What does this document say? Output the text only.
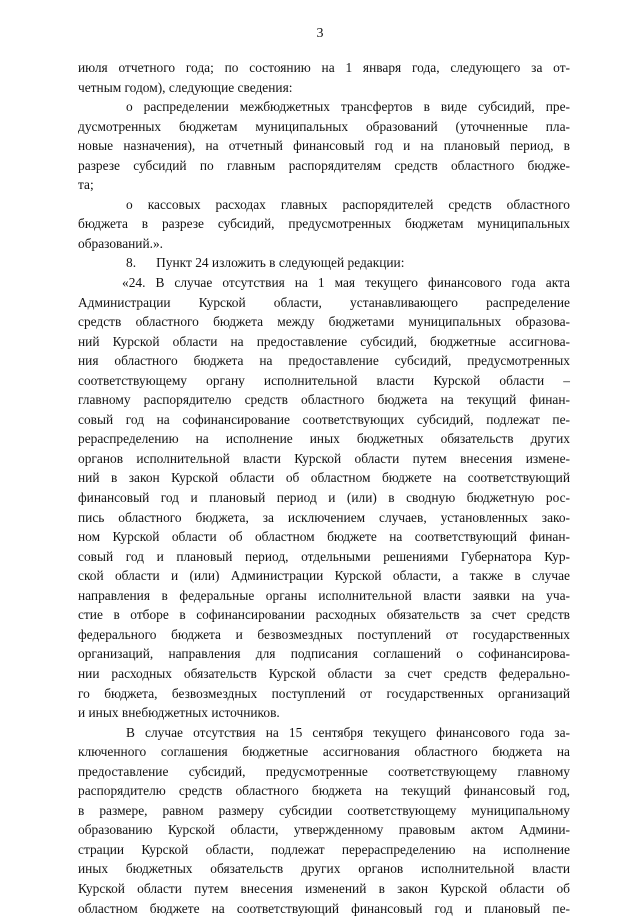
3
июля отчетного года; по состоянию на 1 января года, следующего за от-
четным годом), следующие сведения:
о распределении межбюджетных трансфертов в виде субсидий, пре-
дусмотренных бюджетам муниципальных образований (уточненные пла-
новые назначения), на отчетный финансовый год и на плановый период, в
разрезе субсидий по главным распорядителям средств областного бюдже-
та;
о кассовых расходах главных распорядителей средств областного
бюджета в разрезе субсидий, предусмотренных бюджетам муниципальных
образований.».
8.      Пункт 24 изложить в следующей редакции:
«24. В случае отсутствия на 1 мая текущего финансового года акта
Администрации Курской области, устанавливающего распределение
средств областного бюджета между бюджетами муниципальных образова-
ний Курской области на предоставление субсидий, бюджетные ассигнова-
ния областного бюджета на предоставление субсидий, предусмотренных
соответствующему органу исполнительной власти Курской области –
главному распорядителю средств областного бюджета на текущий финан-
совый год на софинансирование соответствующих субсидий, подлежат пе-
рераспределению на исполнение иных бюджетных обязательств других
органов исполнительной власти Курской области путем внесения измене-
ний в закон Курской области об областном бюджете на соответствующий
финансовый год и плановый период и (или) в сводную бюджетную рос-
пись областного бюджета, за исключением случаев, установленных зако-
ном Курской области об областном бюджете на соответствующий финан-
совый год и плановый период, отдельными решениями Губернатора Кур-
ской области и (или) Администрации Курской области, а также в случае
направления в федеральные органы исполнительной власти заявки на уча-
стие в отборе в софинансировании расходных обязательств за счет средств
федерального бюджета и безвозмездных поступлений от государственных
организаций, направления для подписания соглашений о софинансирова-
нии расходных обязательств Курской области за счет средств федерально-
го бюджета, безвозмездных поступлений от государственных организаций
и иных внебюджетных источников.
В случае отсутствия на 15 сентября текущего финансового года за-
ключенного соглашения бюджетные ассигнования областного бюджета на
предоставление субсидий, предусмотренные соответствующему главному
распорядителю средств областного бюджета на текущий финансовый год,
в размере, равном размеру субсидии соответствующему муниципальному
образованию Курской области, утвержденному правовым актом Админи-
страции Курской области, подлежат перераспределению на исполнение
иных бюджетных обязательств других органов исполнительной власти
Курской области путем внесения изменений в закон Курской области об
областном бюджете на соответствующий финансовый год и плановый пе-
